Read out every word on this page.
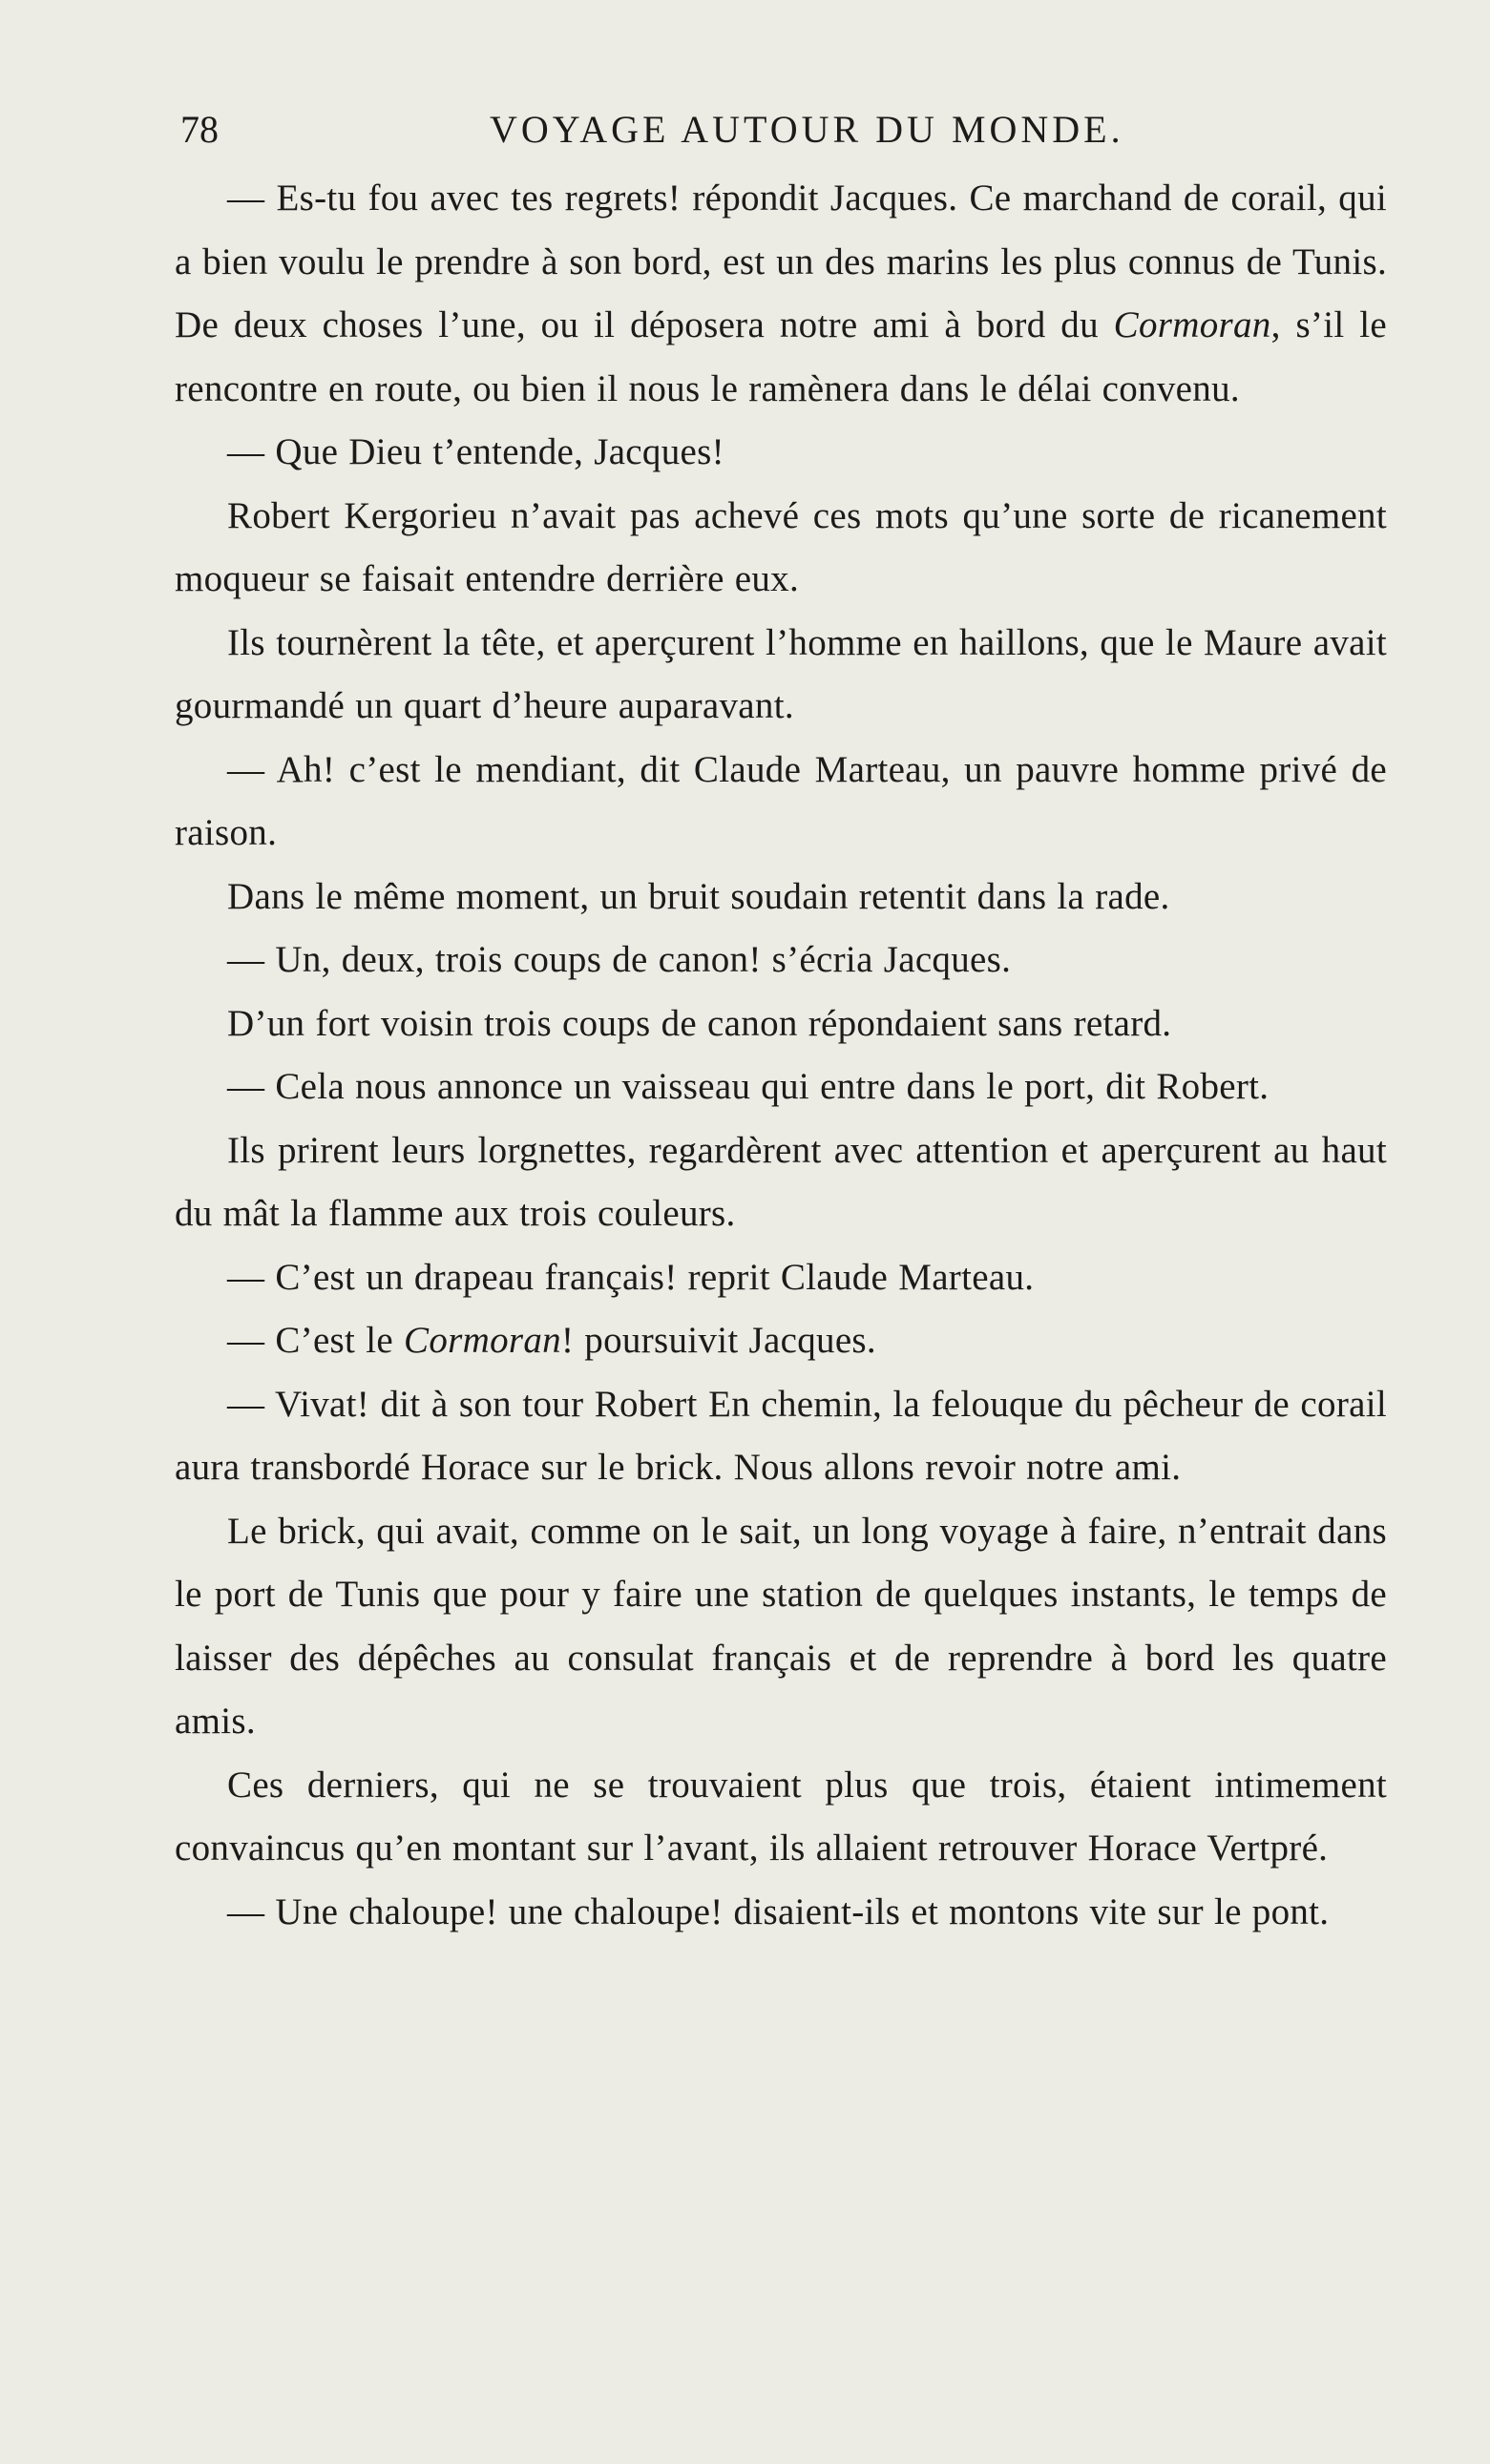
78	VOYAGE AUTOUR DU MONDE.

— Es-tu fou avec tes regrets! répondit Jacques. Ce marchand de corail, qui a bien voulu le prendre à son bord, est un des marins les plus connus de Tunis. De deux choses l’une, ou il déposera notre ami à bord du Cormoran, s’il le rencontre en route, ou bien il nous le ramènera dans le délai convenu.

— Que Dieu t’entende, Jacques!

Robert Kergorieu n’avait pas achevé ces mots qu’une sorte de ricanement moqueur se faisait entendre derrière eux.

Ils tournèrent la tête, et aperçurent l’homme en haillons, que le Maure avait gourmandé un quart d’heure auparavant.

— Ah! c’est le mendiant, dit Claude Marteau, un pauvre homme privé de raison.

Dans le même moment, un bruit soudain retentit dans la rade.

— Un, deux, trois coups de canon! s’écria Jacques.

D’un fort voisin trois coups de canon répondaient sans retard.

— Cela nous annonce un vaisseau qui entre dans le port, dit Robert.

Ils prirent leurs lorgnettes, regardèrent avec attention et aperçurent au haut du mât la flamme aux trois couleurs.

— C’est un drapeau français! reprit Claude Marteau.

— C’est le Cormoran! poursuivit Jacques.

— Vivat! dit à son tour Robert En chemin, la felouque du pêcheur de corail aura transbordé Horace sur le brick. Nous allons revoir notre ami.

Le brick, qui avait, comme on le sait, un long voyage à faire, n’entrait dans le port de Tunis que pour y faire une station de quelques instants, le temps de laisser des dépêches au consulat français et de reprendre à bord les quatre amis.

Ces derniers, qui ne se trouvaient plus que trois, étaient intimement convaincus qu’en montant sur l’avant, ils allaient retrouver Horace Vertpré.

— Une chaloupe! une chaloupe! disaient-ils et montons vite sur le pont.
